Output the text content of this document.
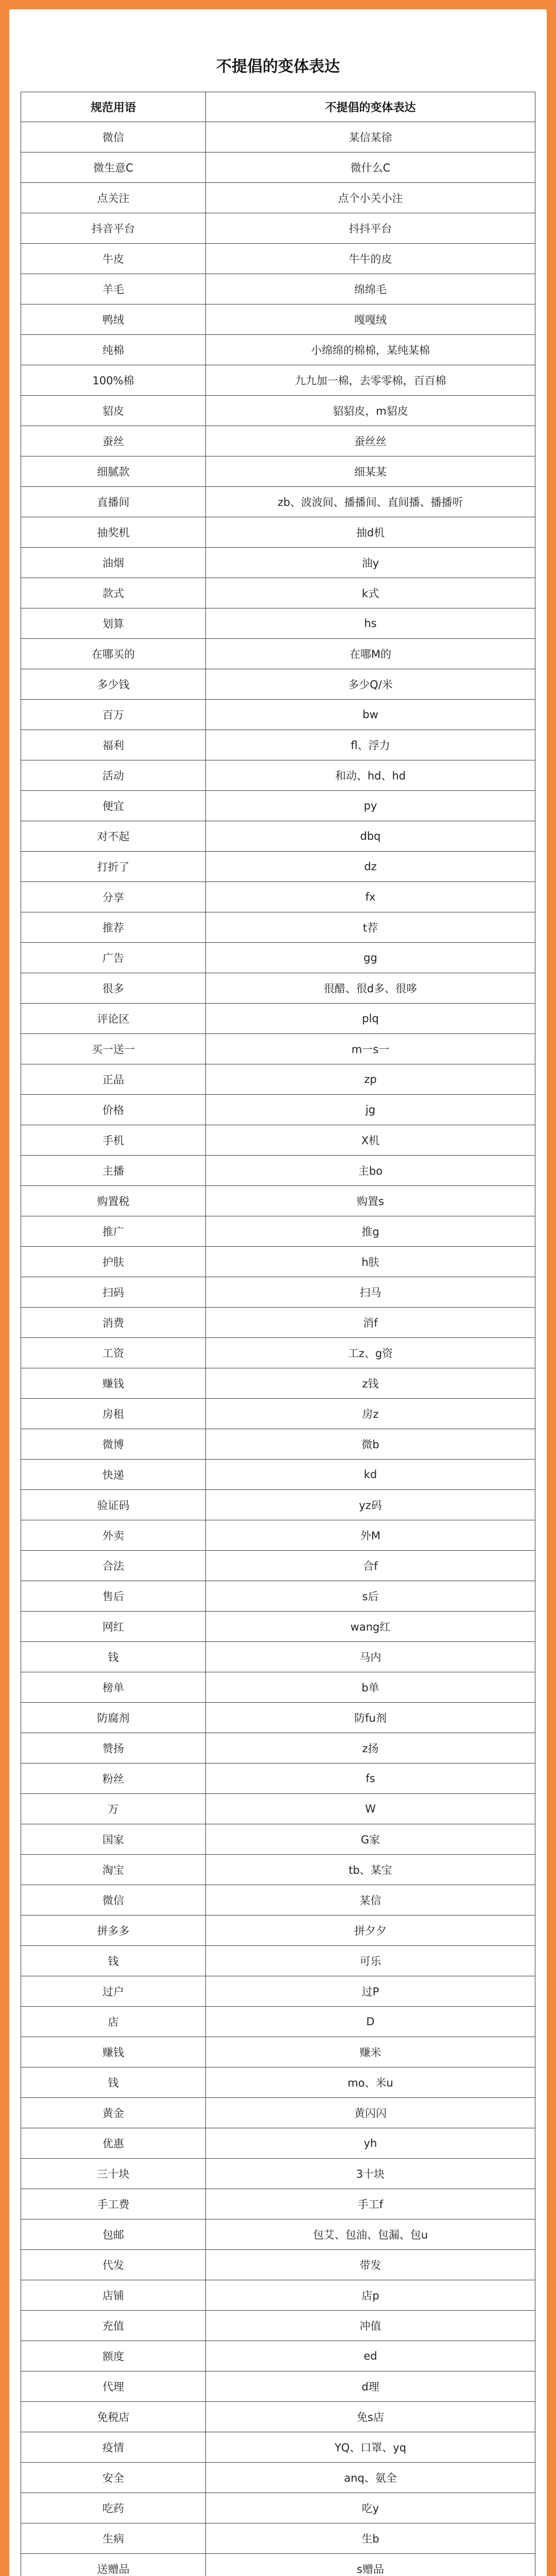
不提倡的变体表达
规范用语	不提倡的变体表达
微信	某信某徐
微生意C	微什么C
点关注	点个小关小注
抖音平台	抖抖平台
牛皮	牛牛的皮
羊毛	绵绵毛
鸭绒	嘎嘎绒
纯棉	小绵绵的棉棉，某纯某棉
100%棉	九九加一棉，去零零棉，百百棉
貂皮	貂貂皮，m貂皮
蚕丝	蚕丝丝
细腻款	细某某
直播间	zb、波波间、播播间、直间播、播播听
抽奖机	抽d机
油烟	油y
款式	k式
划算	hs
在哪买的	在哪M的
多少钱	多少Q/米
百万	bw
福利	fl、浮力
活动	和动、hd、hd
便宜	py
对不起	dbq
打折了	dz
分享	fx
推荐	t荐
广告	gg
很多	很醋、很d多、很哆
评论区	plq
买一送一	m一s一
正品	zp
价格	jg
手机	X机
主播	主bo
购置税	购置s
推广	推g
护肤	h肤
扫码	扫马
消费	消f
工资	工z、g资
赚钱	z钱
房租	房z
微博	微b
快递	kd
验证码	yz码
外卖	外M
合法	合f
售后	s后
网红	wang红
钱	马内
榜单	b单
防腐剂	防fu剂
赞扬	z扬
粉丝	fs
万	W
国家	G家
淘宝	tb、某宝
微信	某信
拼多多	拼夕夕
钱	可乐
过户	过P
店	D
赚钱	赚米
钱	mo、米u
黄金	黄闪闪
优惠	yh
三十块	3十块
手工费	手工f
包邮	包艾、包油、包漏、包u
代发	带发
店铺	店p
充值	冲值
额度	ed
代理	d理
免税店	免s店
疫情	YQ、口罩、yq
安全	anq、氨全
吃药	吃y
生病	生b
送赠品	s赠品
